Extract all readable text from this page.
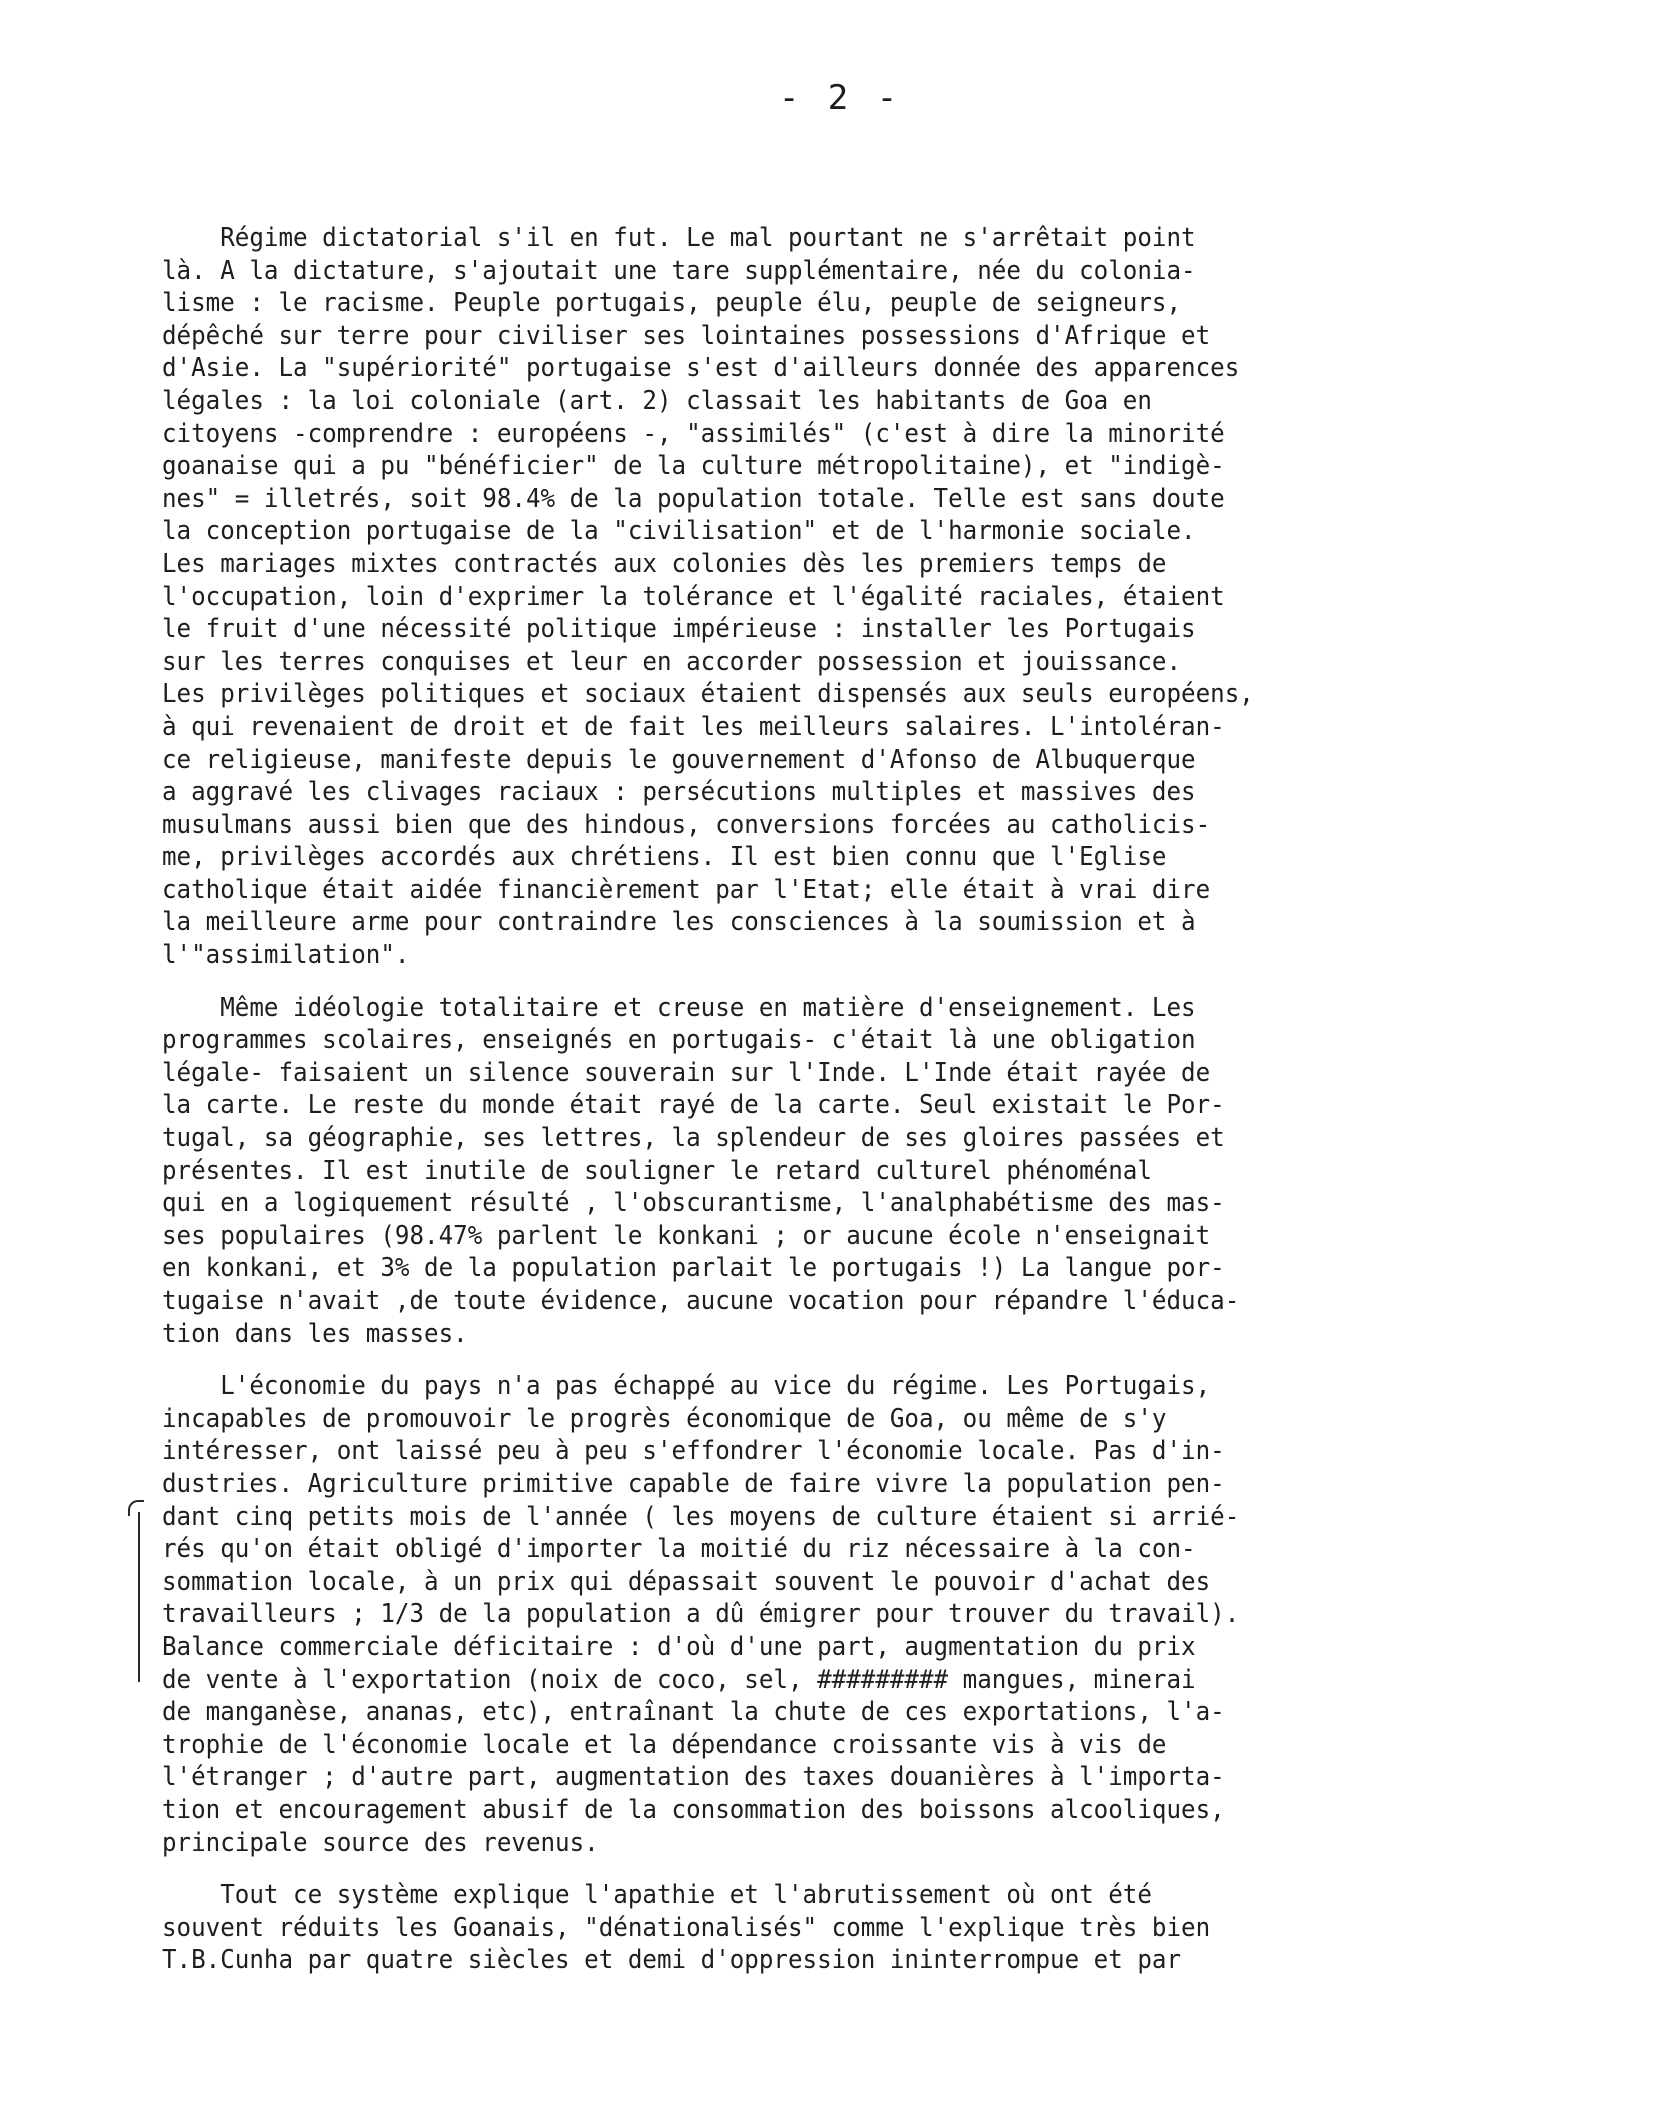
- 2 -
Régime dictatorial s'il en fut. Le mal pourtant ne s'arrêtait point
là. A la dictature, s'ajoutait une tare supplémentaire, née du colonia-
lisme : le racisme. Peuple portugais, peuple élu, peuple de seigneurs,
dépêché sur terre pour civiliser ses lointaines possessions d'Afrique et
d'Asie. La "supériorité" portugaise s'est d'ailleurs donnée des apparences
légales : la loi coloniale (art. 2) classait les habitants de Goa en
citoyens -comprendre : européens -, "assimilés" (c'est à dire la minorité
goanaise qui a pu "bénéficier" de la culture métropolitaine), et "indigè-
nes" = illetrés, soit 98.4% de la population totale. Telle est sans doute
la conception portugaise de la "civilisation" et de l'harmonie sociale.
Les mariages mixtes contractés aux colonies dès les premiers temps de
l'occupation, loin d'exprimer la tolérance et l'égalité raciales, étaient
le fruit d'une nécessité politique impérieuse : installer les Portugais
sur les terres conquises et leur en accorder possession et jouissance.
Les privilèges politiques et sociaux étaient dispensés aux seuls européens,
à qui revenaient de droit et de fait les meilleurs salaires. L'intoléran-
ce religieuse, manifeste depuis le gouvernement d'Afonso de Albuquerque
a aggravé les clivages raciaux : persécutions multiples et massives des
musulmans aussi bien que des hindous, conversions forcées au catholicis-
me, privilèges accordés aux chrétiens. Il est bien connu que l'Eglise
catholique était aidée financièrement par l'Etat; elle était à vrai dire
la meilleure arme pour contraindre les consciences à la soumission et à
l'"assimilation".
Même idéologie totalitaire et creuse en matière d'enseignement. Les
programmes scolaires, enseignés en portugais- c'était là une obligation
légale- faisaient un silence souverain sur l'Inde. L'Inde était rayée de
la carte. Le reste du monde était rayé de la carte. Seul existait le Por-
tugal, sa géographie, ses lettres, la splendeur de ses gloires passées et
présentes. Il est inutile de souligner le retard culturel phénoménal
qui en a logiquement résulté , l'obscurantisme, l'analphabétisme des mas-
ses populaires (98.47% parlent le konkani ; or aucune école n'enseignait
en konkani, et 3% de la population parlait le portugais !) La langue por-
tugaise n'avait ,de toute évidence, aucune vocation pour répandre l'éduca-
tion dans les masses.
L'économie du pays n'a pas échappé au vice du régime. Les Portugais,
incapables de promouvoir le progrès économique de Goa, ou même de s'y
intéresser, ont laissé peu à peu s'effondrer l'économie locale. Pas d'in-
dustries. Agriculture primitive capable de faire vivre la population pen-
dant cinq petits mois de l'année ( les moyens de culture étaient si arrié-
rés qu'on était obligé d'importer la moitié du riz nécessaire à la con-
sommation locale, à un prix qui dépassait souvent le pouvoir d'achat des
travailleurs ; 1/3 de la population a dû émigrer pour trouver du travail).
Balance commerciale déficitaire : d'où d'une part, augmentation du prix
de vente à l'exportation (noix de coco, sel, ######### mangues, minerai
de manganèse, ananas, etc), entraînant la chute de ces exportations, l'a-
trophie de l'économie locale et la dépendance croissante vis à vis de
l'étranger ; d'autre part, augmentation des taxes douanières à l'importa-
tion et encouragement abusif de la consommation des boissons alcooliques,
principale source des revenus.
Tout ce système explique l'apathie et l'abrutissement où ont été
souvent réduits les Goanais, "dénationalisés" comme l'explique très bien
T.B.Cunha par quatre siècles et demi d'oppression ininterrompue et par
